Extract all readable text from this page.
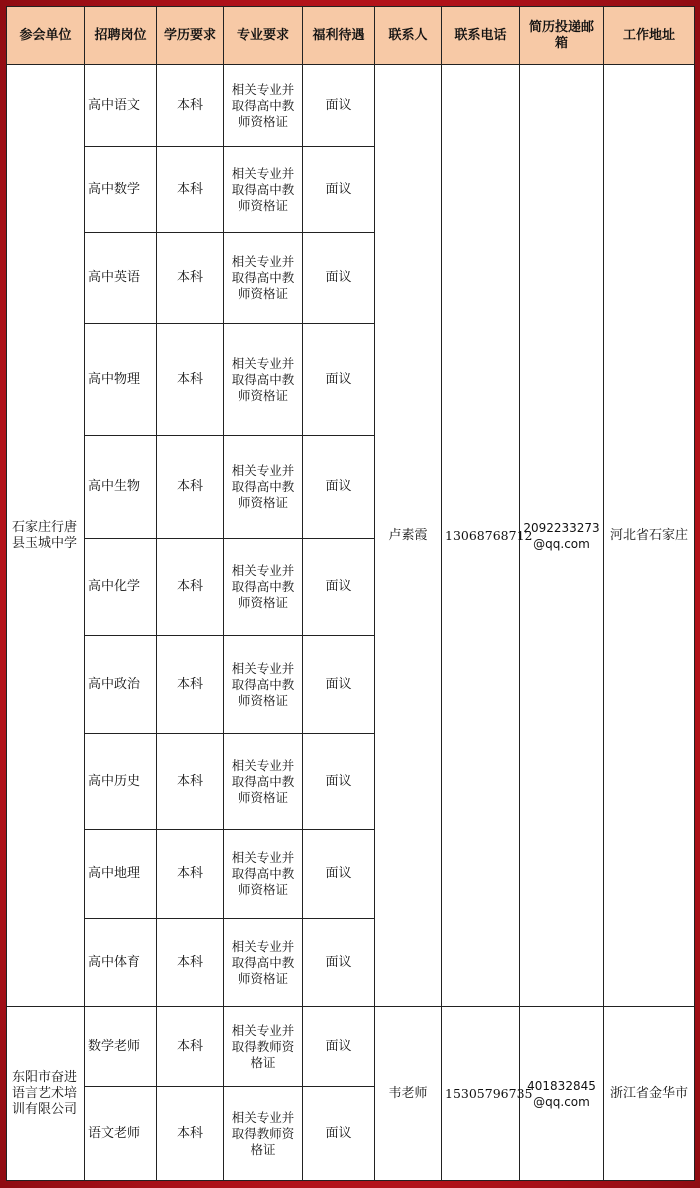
参会单位	招聘岗位	学历要求	专业要求	福利待遇	联系人	联系电话	简历投递邮箱	工作地址
石家庄行唐县玉城中学	高中语文	本科	相关专业并取得高中教师资格证	面议	卢素霞	13068768712	2092233273@qq.com	河北省石家庄
	高中数学	本科	相关专业并取得高中教师资格证	面议				
	高中英语	本科	相关专业并取得高中教师资格证	面议				
	高中物理	本科	相关专业并取得高中教师资格证	面议				
	高中生物	本科	相关专业并取得高中教师资格证	面议				
	高中化学	本科	相关专业并取得高中教师资格证	面议				
	高中政治	本科	相关专业并取得高中教师资格证	面议				
	高中历史	本科	相关专业并取得高中教师资格证	面议				
	高中地理	本科	相关专业并取得高中教师资格证	面议				
	高中体育	本科	相关专业并取得高中教师资格证	面议				
东阳市奋进语言艺术培训有限公司	数学老师	本科	相关专业并取得教师资格证	面议	韦老师	15305796735	401832845@qq.com	浙江省金华市
	语文老师	本科	相关专业并取得教师资格证	面议				
